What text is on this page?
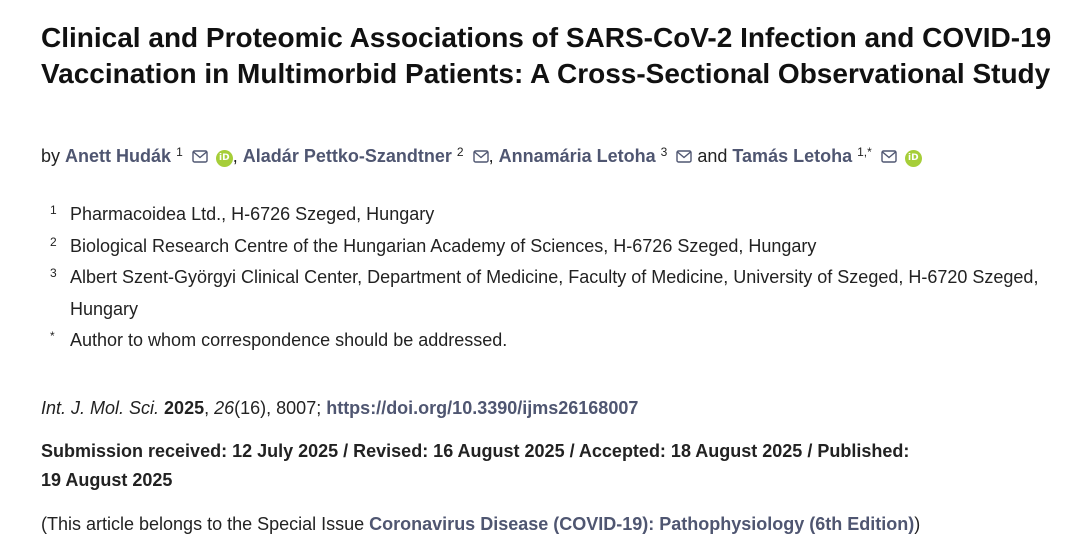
Clinical and Proteomic Associations of SARS-CoV-2 Infection and COVID-19 Vaccination in Multimorbid Patients: A Cross-Sectional Observational Study
by Anett Hudák $^1$	iD , Aladár Pettko-Szandtner $^2$ , Annamária Letoha $^3$  and Tamás Letoha $^{1,*}$	iD
1 Pharmacoidea Ltd., H-6726 Szeged, Hungary
2 Biological Research Centre of the Hungarian Academy of Sciences, H-6726 Szeged, Hungary
3 Albert Szent-Györgyi Clinical Center, Department of Medicine, Faculty of Medicine, University of Szeged, H-6720 Szeged, Hungary
* Author to whom correspondence should be addressed.
Int. J. Mol. Sci. 2025, 26(16), 8007; https://doi.org/10.3390/ijms26168007
Submission received: 12 July 2025 / Revised: 16 August 2025 / Accepted: 18 August 2025 / Published: 19 August 2025
(This article belongs to the Special Issue Coronavirus Disease (COVID-19): Pathophysiology (6th Edition))
